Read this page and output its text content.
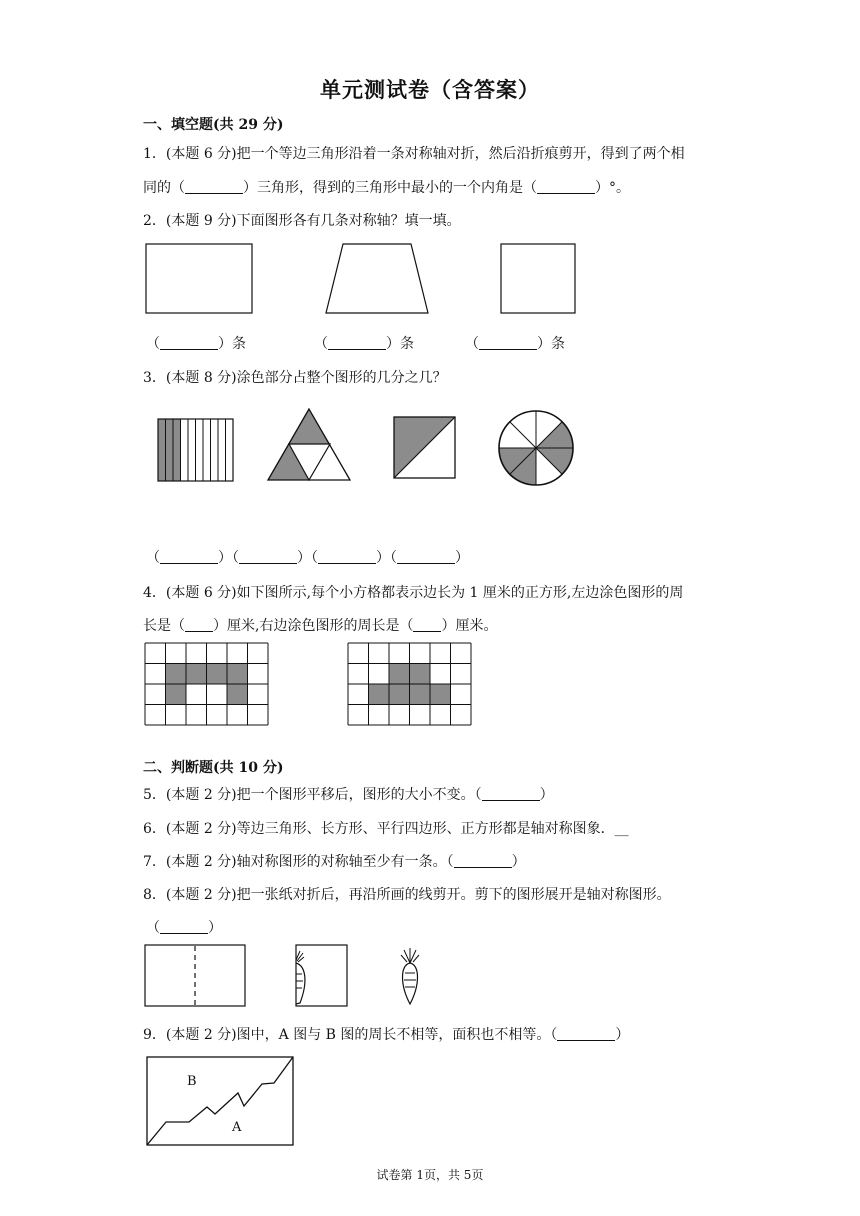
单元测试卷（含答案）
一、填空题(共 29 分)
1．(本题 6 分)把一个等边三角形沿着一条对称轴对折，然后沿折痕剪开，得到了两个相
同的（	）三角形，得到的三角形中最小的一个内角是（	）°。
2．(本题 9 分)下面图形各有几条对称轴？填一填。
（	）条	（	）条	（	）条
3．(本题 8 分)涂色部分占整个图形的几分之几？
（	）（	）（	）（	）
4．(本题 6 分)如下图所示,每个小方格都表示边长为 1 厘米的正方形,左边涂色图形的周
长是（ ）厘米,右边涂色图形的周长是（ ）厘米。
二、判断题(共 10 分)
5．(本题 2 分)把一个图形平移后，图形的大小不变。（	）
6．(本题 2 分)等边三角形、长方形、平行四边形、正方形都是轴对称图象．__
7．(本题 2 分)轴对称图形的对称轴至少有一条。（	）
8．(本题 2 分)把一张纸对折后，再沿所画的线剪开。剪下的图形展开是轴对称图形。
（	）
9．(本题 2 分)图中，A 图与 B 图的周长不相等，面积也不相等。（	）
B
A
试卷第 1页，共 5页
